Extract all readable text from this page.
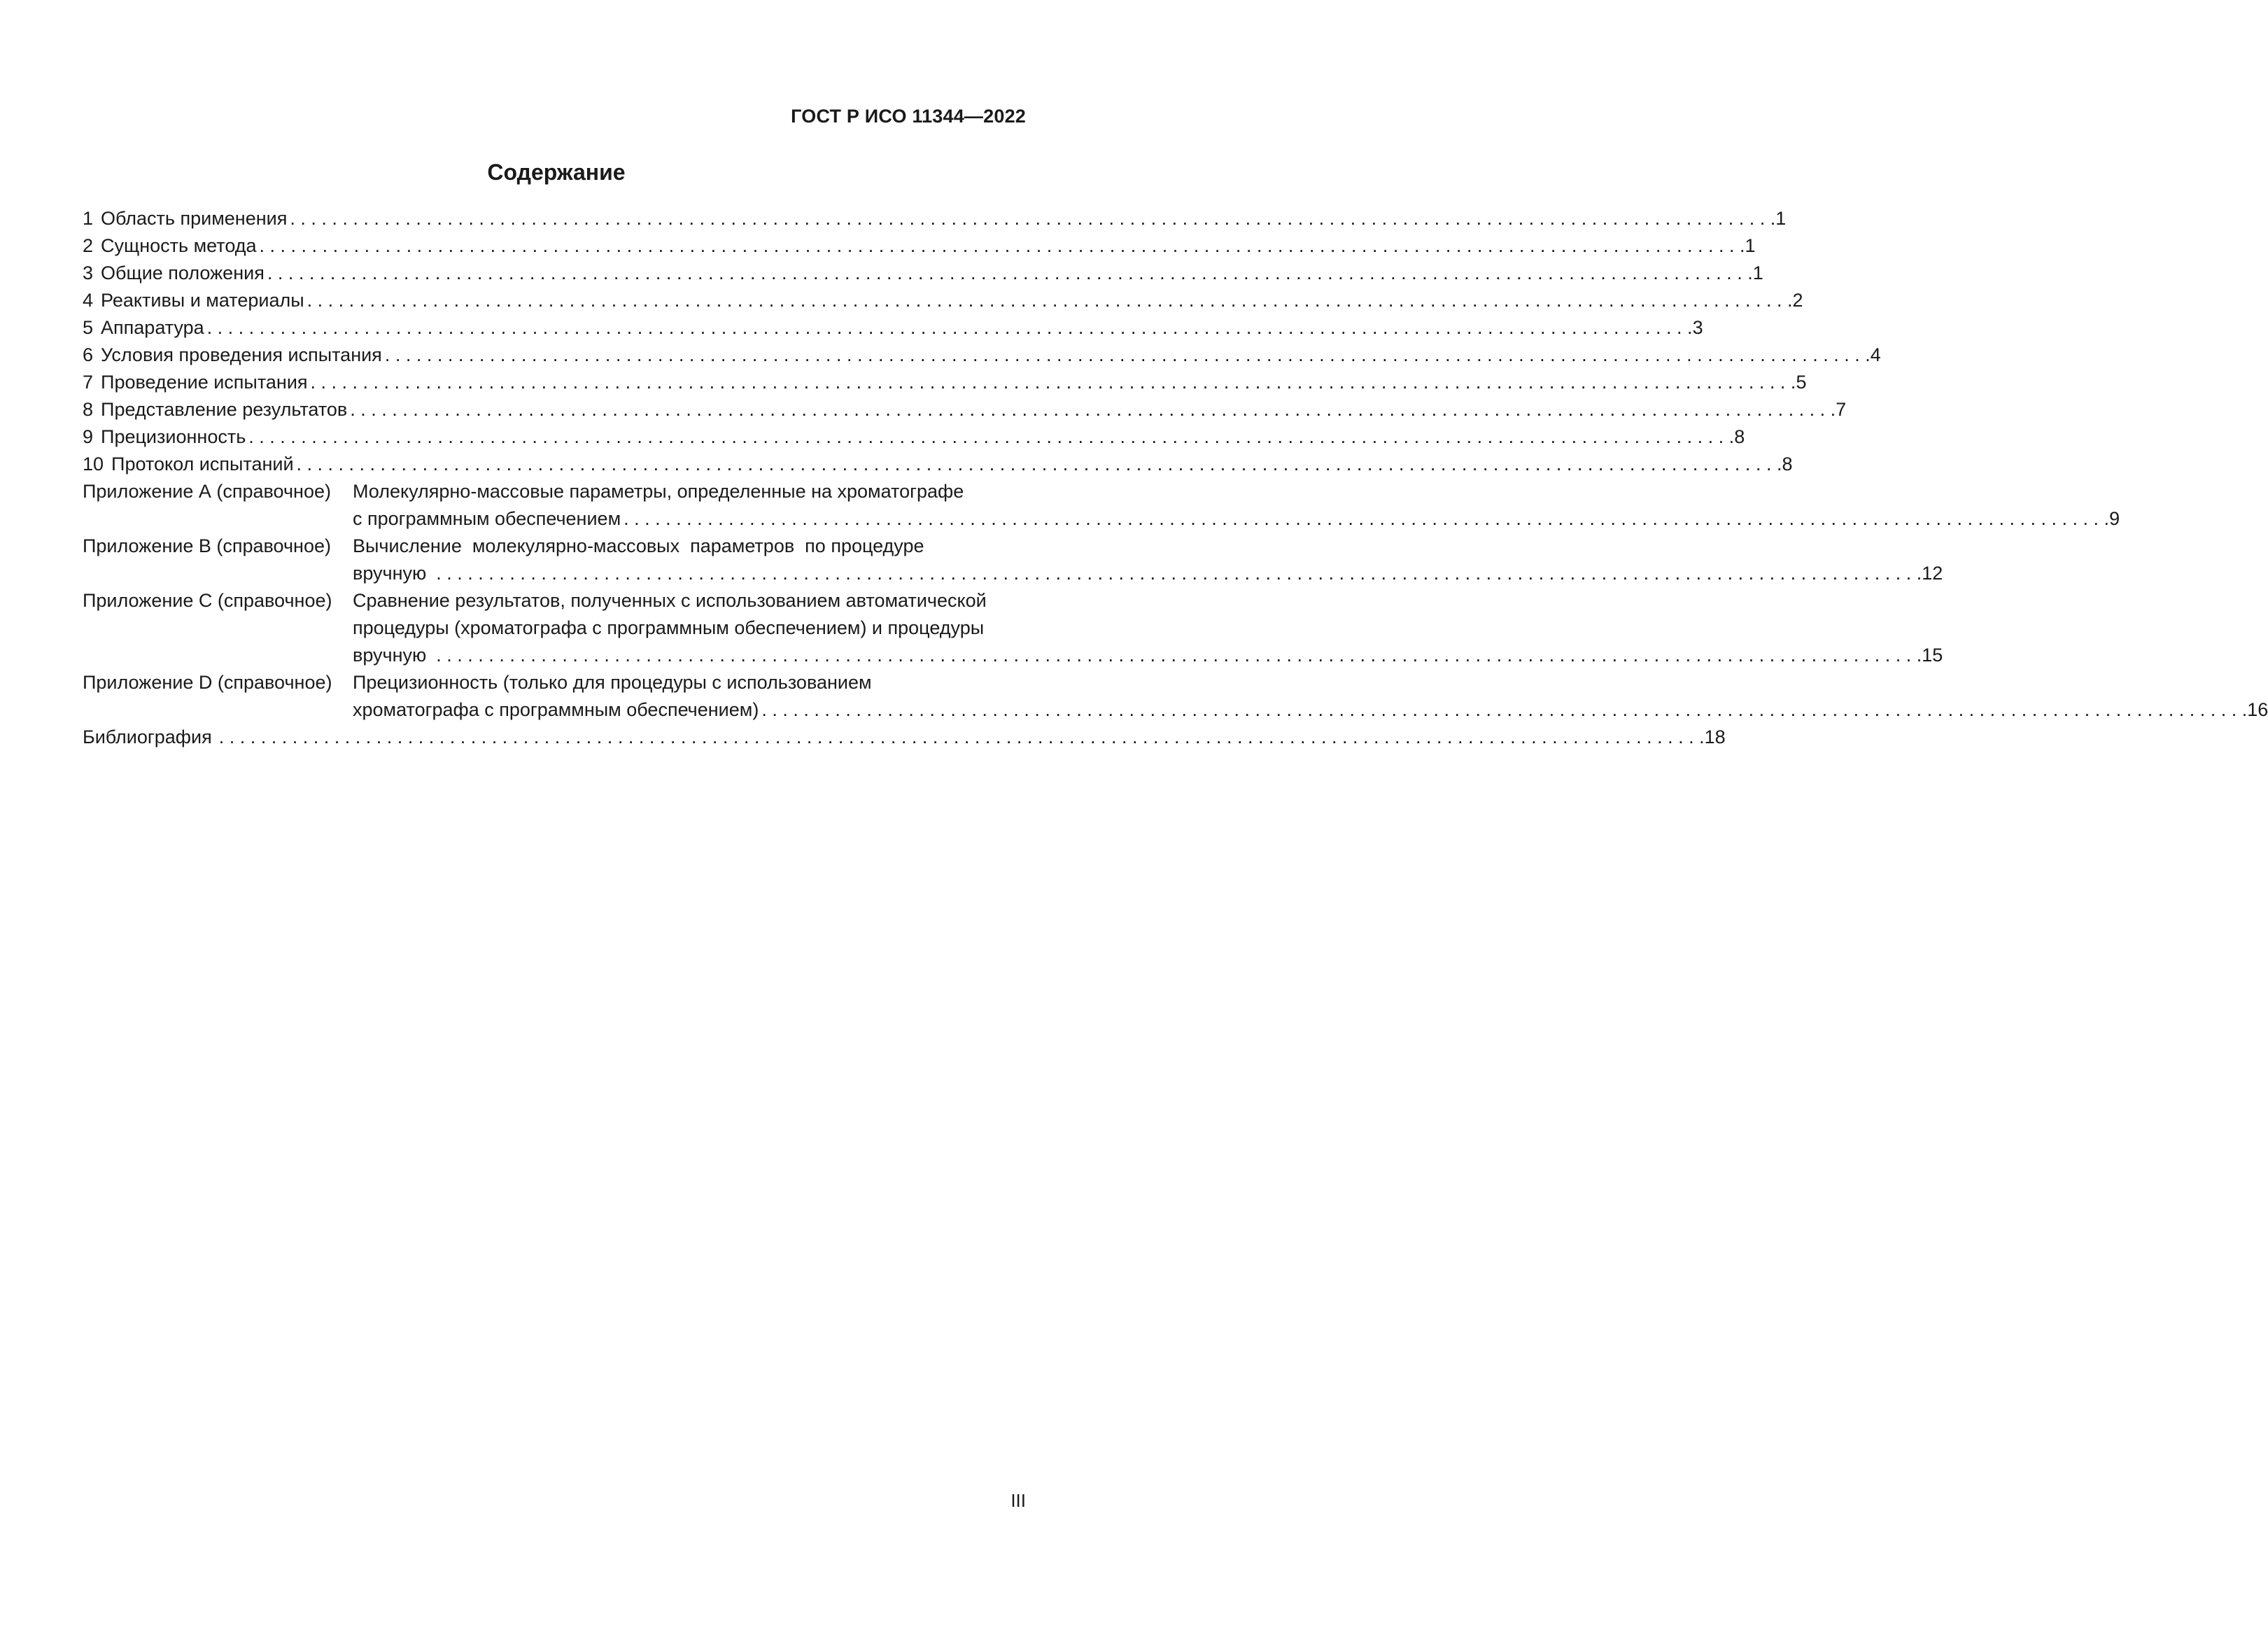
ГОСТ Р ИСО 11344—2022
Содержание
1 Область применения . . .	1
2 Сущность метода . . .	1
3 Общие положения . . .	1
4 Реактивы и материалы . . .	2
5 Аппаратура . . .	3
6 Условия проведения испытания . . .	4
7 Проведение испытания . . .	5
8 Представление результатов . . .	7
9 Прецизионность . . .	8
10 Протокол испытаний . . .	8
Приложение А (справочное)	Молекулярно-массовые параметры, определенные на хроматографе
с программным обеспечением . . .	9
Приложение В (справочное)	Вычисление  молекулярно-массовых  параметров  по процедуре
вручную . . .	12
Приложение С (справочное)	Сравнение результатов, полученных с использованием автоматической
процедуры (хроматографа с программным обеспечением) и процедуры
вручную . . .	15
Приложение D (справочное)	Прецизионность (только для процедуры с использованием
хроматографа с программным обеспечением) . . .	16
Библиография . . .	18
III
